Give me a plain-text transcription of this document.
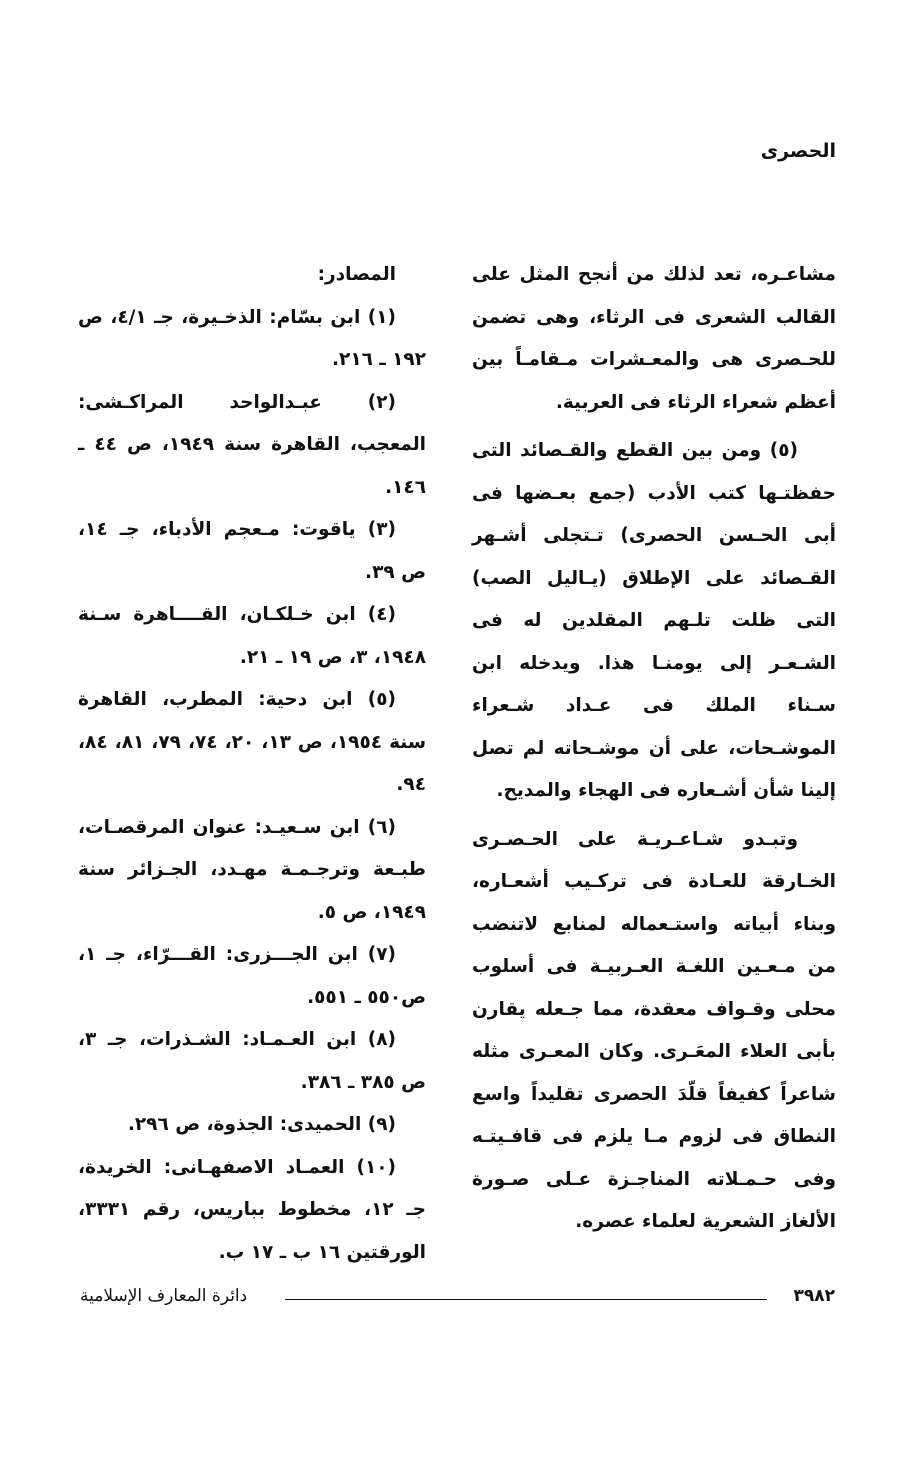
الحصرى

مشاعـره، تعد لذلك من أنجح المثل على القالب الشعرى فى الرثاء، وهى تضمن للحـصرى هى والمعـشرات مـقامـاً بين أعظم شعراء الرثاء فى العربية.

(٥) ومن بين القطع والقـصائد التى حفظتـها كتب الأدب (جمع بعـضها فى أبى الحـسن الحصرى) تـتجلى أشـهر القـصائد على الإطلاق (يـاليل الصب) التى ظلت تلـهم المقلدين له فى الشـعـر إلى يومنـا هذا. ويدخله ابن سـناء الملك فى عـداد شـعراء الموشـحات، على أن موشـحاته لم تصل إلينا شأن أشـعاره فى الهجاء والمديح.

وتبـدو شـاعـريـة على الحـصـرى الخـارقة للعـادة فى تركـيب أشعـاره، وبناء أبياته واستـعماله لمنابع لاتنضب من مـعـين اللغـة العـربيـة فى أسلوب محلى وقـواف معقدة، مما جـعله يقارن بأبى العلاء المعَـرى. وكان المعـرى مثله شاعراً كفيفاً قلّدَ الحصرى تقليداً واسع النطاق فى لزوم مـا يلزم فى قافـيتـه وفى حـمـلاته المناجـزة عـلى صـورة الألغاز الشعرية لعلماء عصره.

المصادر:

(١) ابن بسّام: الذخـيرة، جـ ٤/١، ص ١٩٢ ـ ٢١٦.

(٢) عبـدالواحد المراكـشى: المعجب، القاهرة سنة ١٩٤٩، ص ٤٤ ـ ١٤٦.

(٣) ياقوت: مـعجم الأدباء، جـ ١٤، ص ٣٩.

(٤) ابن خـلكـان، القــــاهرة سـنة ١٩٤٨، ٣، ص ١٩ ـ ٢١.

(٥) ابن دحية: المطرب، القاهرة سنة ١٩٥٤، ص ١٣، ٢٠، ٧٤، ٧٩، ٨١، ٨٤، ٩٤.

(٦) ابن سـعيـد: عنوان المرقصـات، طبـعة وترجـمـة مهـدد، الجـزائر سنة ١٩٤٩، ص ٥.

(٧) ابن الجـــزرى: القـــرّاء، جـ ١، ص٥٥٠ ـ ٥٥١.

(٨) ابن العـمـاد: الشـذرات، جـ ٣، ص ٣٨٥ ـ ٣٨٦.

(٩) الحميدى: الجذوة، ص ٢٩٦.

(١٠) العمـاد الاصفهـانى: الخريدة، جـ ١٢، مخطوط بباريس، رقم ٣٣٣١، الورقتين ١٦ ب ـ ١٧ ب.

دائرة المعارف الإسلامية	٣٩٨٢
